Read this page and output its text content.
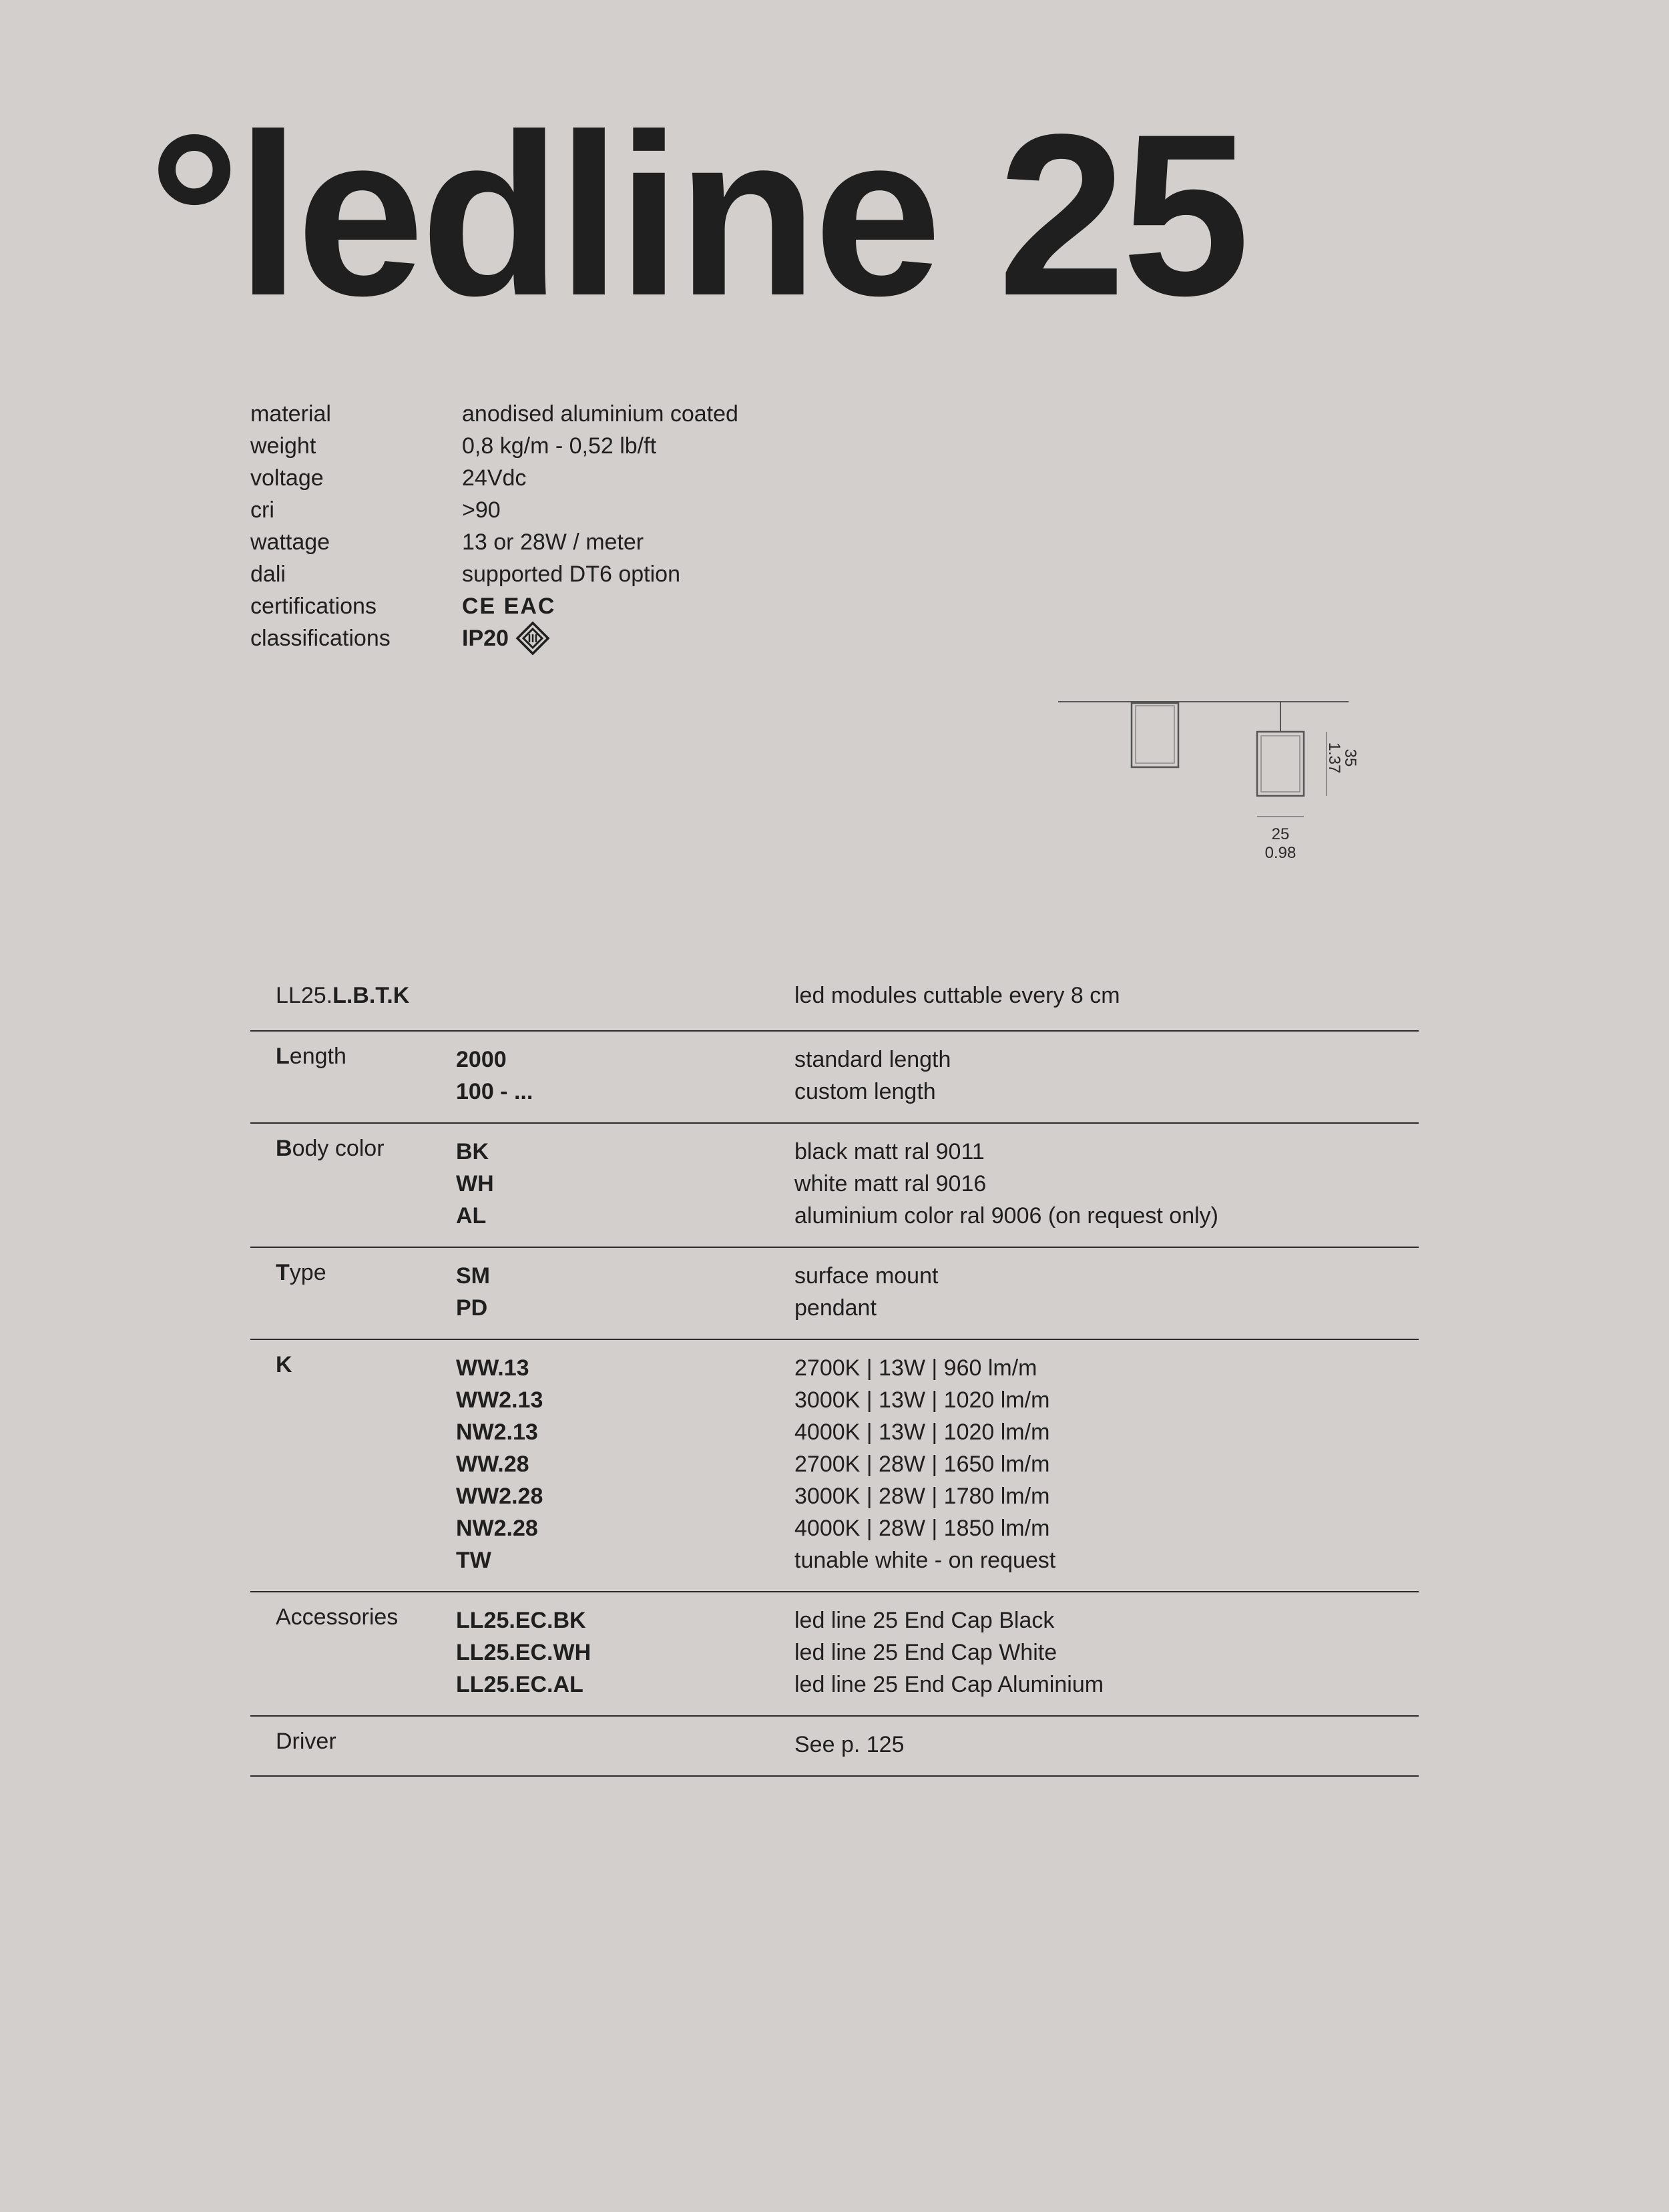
°ledline 25
material	anodised aluminium coated
weight	0,8 kg/m - 0,52 lb/ft
voltage	24Vdc
cri	>90
wattage	13 or 28W / meter
dali	supported DT6 option
certifications	CE EAC
classifications	IP20
35
1.37
25
0.98
LL25.L.B.T.K	led modules cuttable every 8 cm
Length	2000	standard length
100 - ...	custom length
Body color	BK	black matt ral 9011
WH	white matt ral 9016
AL	aluminium color ral 9006 (on request only)
Type	SM	surface mount
PD	pendant
K	WW.13	2700K | 13W | 960 lm/m
WW2.13	3000K | 13W | 1020 lm/m
NW2.13	4000K | 13W | 1020 lm/m
WW.28	2700K | 28W | 1650 lm/m
WW2.28	3000K | 28W | 1780 lm/m
NW2.28	4000K | 28W | 1850 lm/m
TW	tunable white - on request
Accessories	LL25.EC.BK	led line 25 End Cap Black
LL25.EC.WH	led line 25 End Cap White
LL25.EC.AL	led line 25 End Cap Aluminium
Driver	See p. 125
